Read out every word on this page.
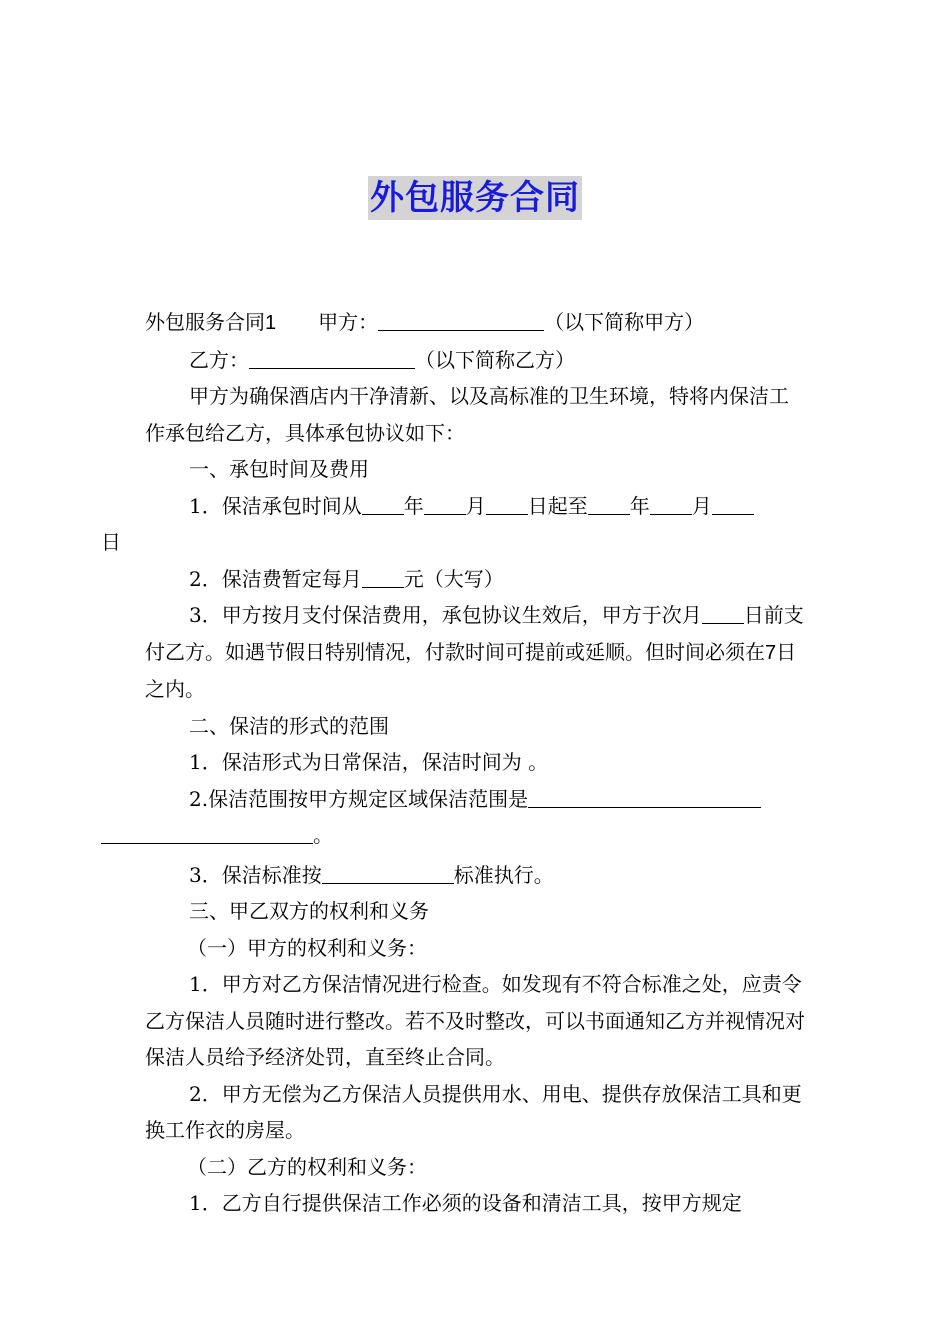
外包服务合同

外包服务合同1 甲方：	（以下简称甲方）

乙方：	（以下简称乙方）

甲方为确保酒店内干净清新、以及高标准的卫生环境，特将内保洁工作承包给乙方，具体承包协议如下：

一、承包时间及费用

1．保洁承包时间从 年 月 日起至 年 月
日

2．保洁费暂定每月 元（大写）

3．甲方按月支付保洁费用，承包协议生效后，甲方于次月 日前支付乙方。如遇节假日特别情况，付款时间可提前或延顺。但时间必须在7日之内。

二、保洁的形式的范围

1．保洁形式为日常保洁，保洁时间为 。

2.保洁范围按甲方规定区域保洁范围是
。

3．保洁标准按	标准执行。

三、甲乙双方的权利和义务

（一）甲方的权利和义务：

1．甲方对乙方保洁情况进行检查。如发现有不符合标准之处，应责令乙方保洁人员随时进行整改。若不及时整改，可以书面通知乙方并视情况对保洁人员给予经济处罚，直至终止合同。

2．甲方无偿为乙方保洁人员提供用水、用电、提供存放保洁工具和更换工作衣的房屋。

（二）乙方的权利和义务：

1．乙方自行提供保洁工作必须的设备和清洁工具，按甲方规定
